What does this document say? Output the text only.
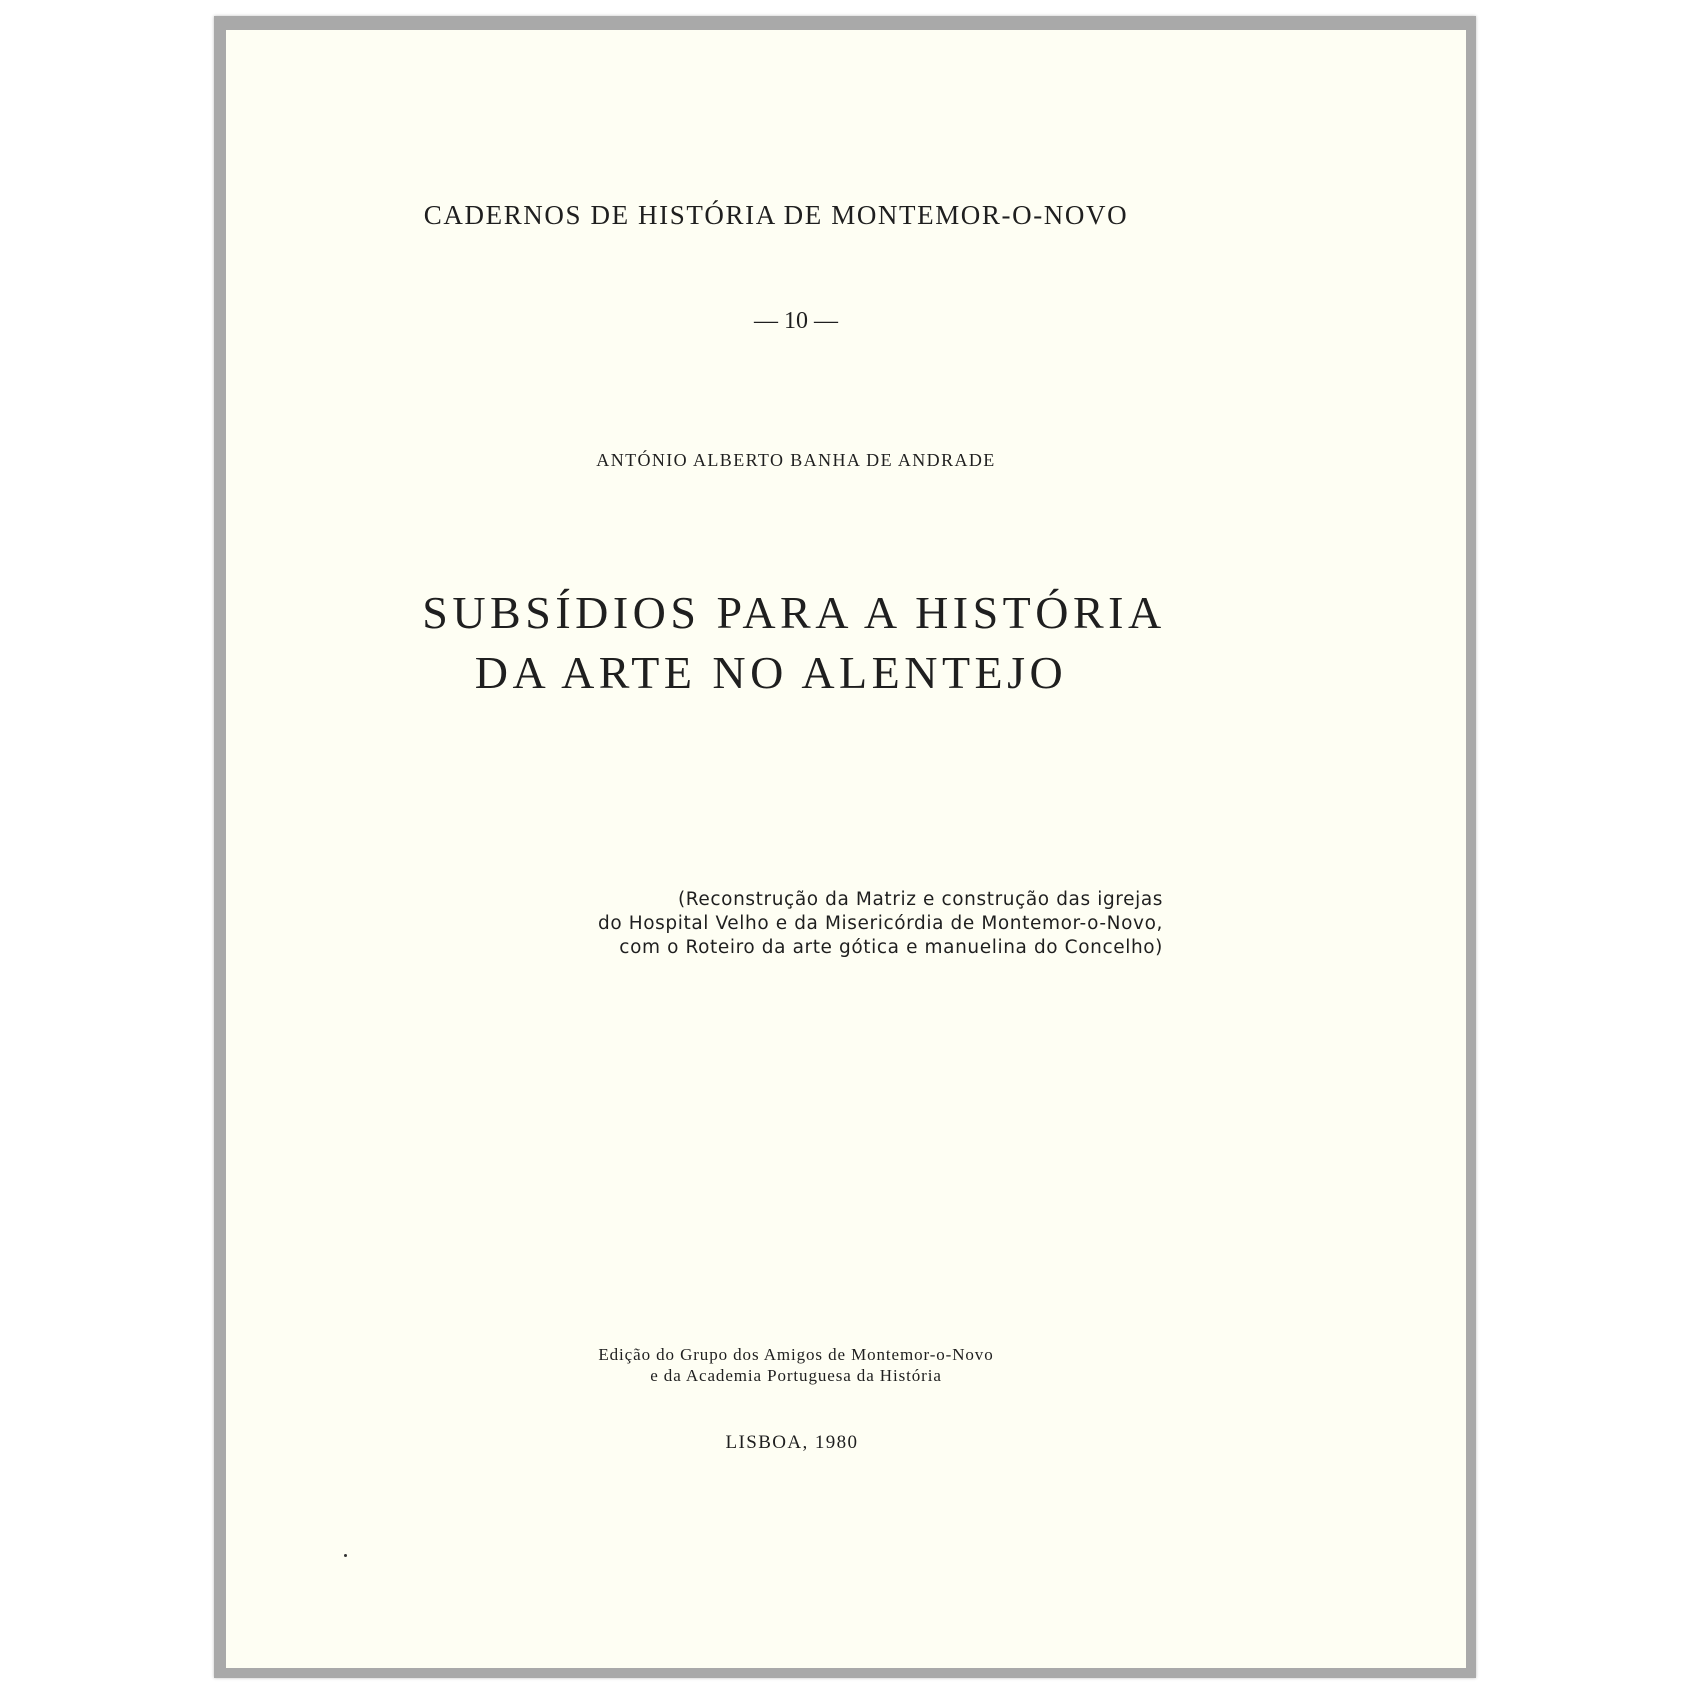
CADERNOS DE HISTÓRIA DE MONTEMOR-O-NOVO
— 10 —
ANTÓNIO ALBERTO BANHA DE ANDRADE
SUBSÍDIOS PARA A HISTÓRIA
DA ARTE NO ALENTEJO
(Reconstrução da Matriz e construção das igrejas
do Hospital Velho e da Misericórdia de Montemor-o-Novo,
com o Roteiro da arte gótica e manuelina do Concelho)
Edição do Grupo dos Amigos de Montemor-o-Novo
e da Academia Portuguesa da História
LISBOA, 1980
